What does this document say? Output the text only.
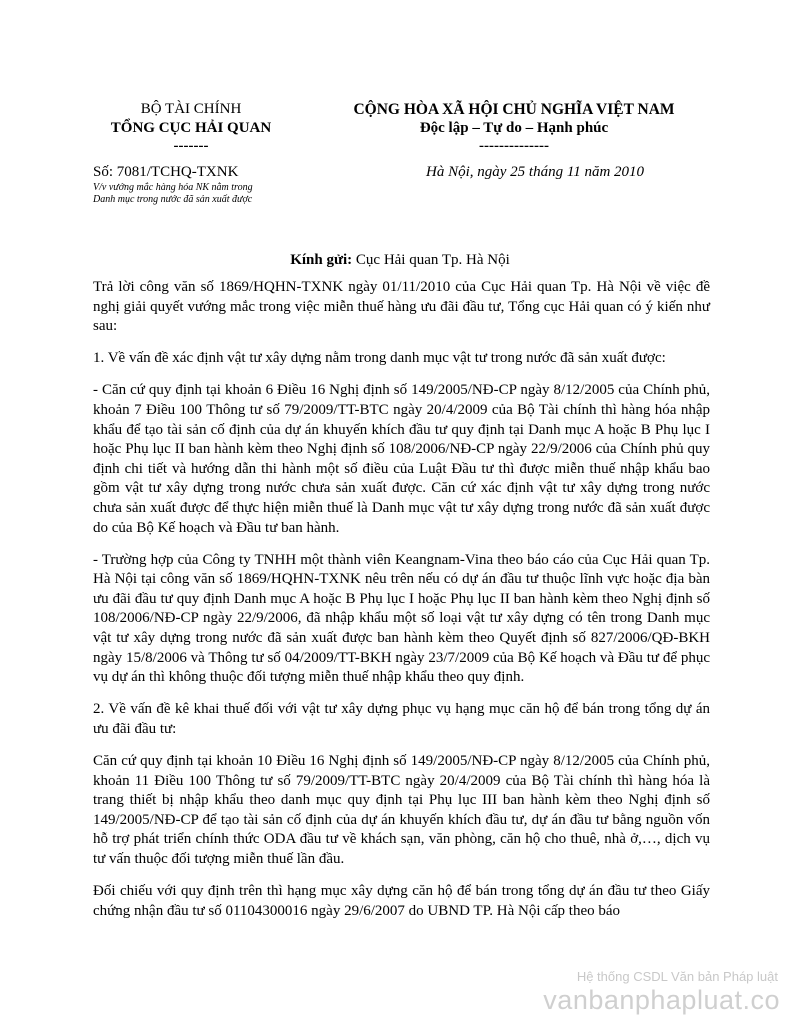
BỘ TÀI CHÍNH
TỔNG CỤC HẢI QUAN
-------
CỘNG HÒA XÃ HỘI CHỦ NGHĨA VIỆT NAM
Độc lập – Tự do – Hạnh phúc
--------------
Số: 7081/TCHQ-TXNK
V/v vướng mắc hàng hóa NK nằm trong
Danh mục trong nước đã sản xuất được
Hà Nội, ngày 25 tháng 11 năm 2010
Kính gửi: Cục Hải quan Tp. Hà Nội

Trả lời công văn số 1869/HQHN-TXNK ngày 01/11/2010 của Cục Hải quan Tp. Hà Nội về việc đề nghị giải quyết vướng mắc trong việc miễn thuế hàng ưu đãi đầu tư, Tổng cục Hải quan có ý kiến như sau:

1. Về vấn đề xác định vật tư xây dựng nằm trong danh mục vật tư trong nước đã sản xuất được:

- Căn cứ quy định tại khoản 6 Điều 16 Nghị định số 149/2005/NĐ-CP ngày 8/12/2005 của Chính phủ, khoản 7 Điều 100 Thông tư số 79/2009/TT-BTC ngày 20/4/2009 của Bộ Tài chính thì hàng hóa nhập khẩu để tạo tài sản cố định của dự án khuyến khích đầu tư quy định tại Danh mục A hoặc B Phụ lục I hoặc Phụ lục II ban hành kèm theo Nghị định số 108/2006/NĐ-CP ngày 22/9/2006 của Chính phủ quy định chi tiết và hướng dẫn thi hành một số điều của Luật Đầu tư thì được miễn thuế nhập khẩu bao gồm vật tư xây dựng trong nước chưa sản xuất được. Căn cứ xác định vật tư xây dựng trong nước chưa sản xuất được để thực hiện miễn thuế là Danh mục vật tư xây dựng trong nước đã sản xuất được do của Bộ Kế hoạch và Đầu tư ban hành.

- Trường hợp của Công ty TNHH một thành viên Keangnam-Vina theo báo cáo của Cục Hải quan Tp. Hà Nội tại công văn số 1869/HQHN-TXNK nêu trên nếu có dự án đầu tư thuộc lĩnh vực hoặc địa bàn ưu đãi đầu tư quy định Danh mục A hoặc B Phụ lục I hoặc Phụ lục II ban hành kèm theo Nghị định số 108/2006/NĐ-CP ngày 22/9/2006, đã nhập khẩu một số loại vật tư xây dựng có tên trong Danh mục vật tư xây dựng trong nước đã sản xuất được ban hành kèm theo Quyết định số 827/2006/QĐ-BKH ngày 15/8/2006 và Thông tư số 04/2009/TT-BKH ngày 23/7/2009 của Bộ Kế hoạch và Đầu tư để phục vụ dự án thì không thuộc đối tượng miễn thuế nhập khẩu theo quy định.

2. Về vấn đề kê khai thuế đối với vật tư xây dựng phục vụ hạng mục căn hộ để bán trong tổng dự án ưu đãi đầu tư:

Căn cứ quy định tại khoản 10 Điều 16 Nghị định số 149/2005/NĐ-CP ngày 8/12/2005 của Chính phủ, khoản 11 Điều 100 Thông tư số 79/2009/TT-BTC ngày 20/4/2009 của Bộ Tài chính thì hàng hóa là trang thiết bị nhập khẩu theo danh mục quy định tại Phụ lục III ban hành kèm theo Nghị định số 149/2005/NĐ-CP để tạo tài sản cố định của dự án khuyến khích đầu tư, dự án đầu tư bằng nguồn vốn hỗ trợ phát triển chính thức ODA đầu tư về khách sạn, văn phòng, căn hộ cho thuê, nhà ở,…, dịch vụ tư vấn thuộc đối tượng miễn thuế lần đầu.

Đối chiếu với quy định trên thì hạng mục xây dựng căn hộ để bán trong tổng dự án đầu tư theo Giấy chứng nhận đầu tư số 01104300016 ngày 29/6/2007 do UBND TP. Hà Nội cấp theo báo

Hệ thống CSDL Văn bản Pháp luật
vanbanphapluat.co
